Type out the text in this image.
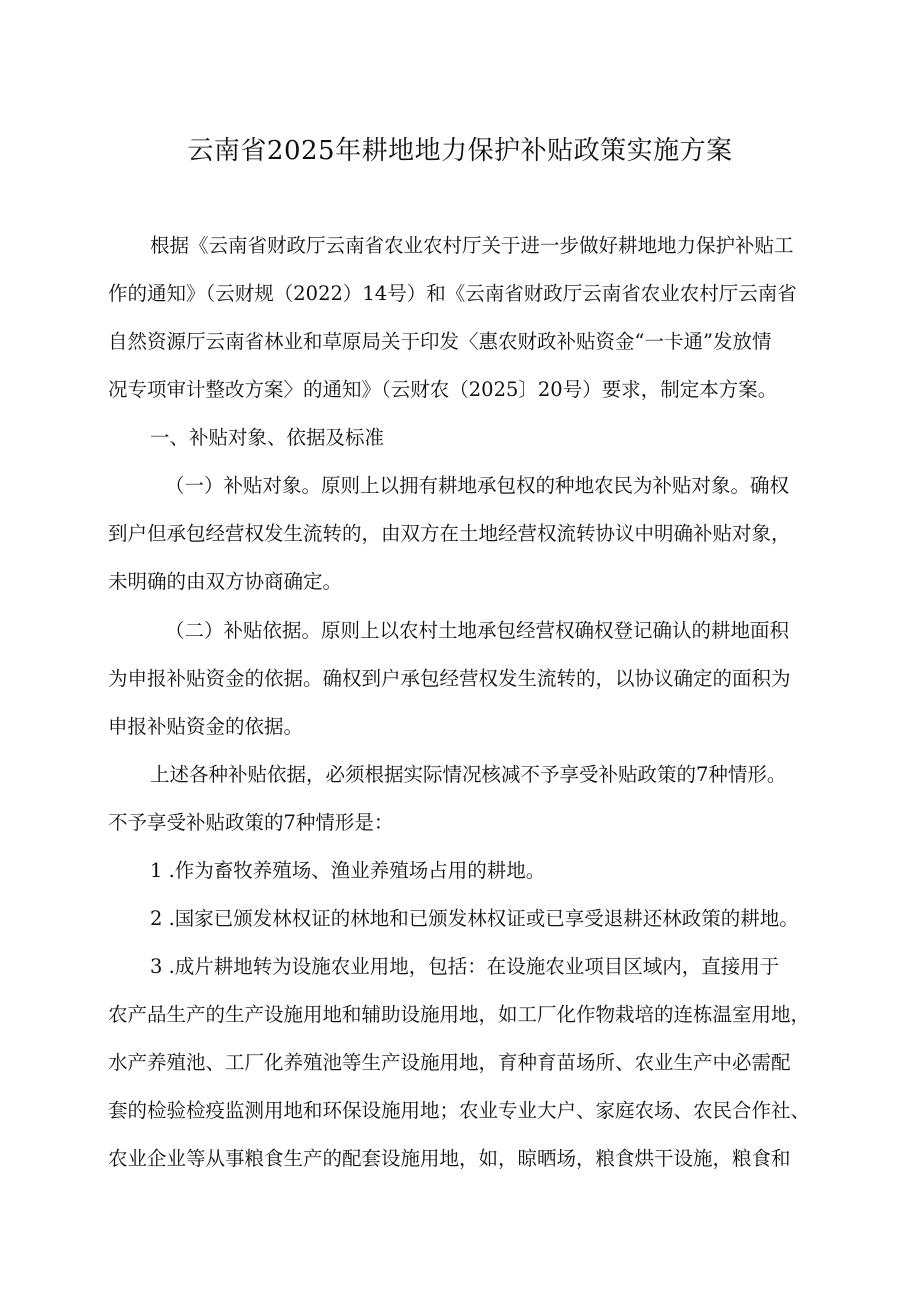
云南省2025年耕地地力保护补贴政策实施方案
根据《云南省财政厅云南省农业农村厅关于进一步做好耕地地力保护补贴工
作的通知》（云财规（2022）14号）和《云南省财政厅云南省农业农村厅云南省
自然资源厅云南省林业和草原局关于印发〈惠农财政补贴资金“一卡通”发放情
况专项审计整改方案〉的通知》（云财农（2025〕20号）要求，制定本方案。
一、补贴对象、依据及标准
（一）补贴对象。原则上以拥有耕地承包权的种地农民为补贴对象。确权
到户但承包经营权发生流转的，由双方在土地经营权流转协议中明确补贴对象，
未明确的由双方协商确定。
（二）补贴依据。原则上以农村土地承包经营权确权登记确认的耕地面积
为申报补贴资金的依据。确权到户承包经营权发生流转的，以协议确定的面积为
申报补贴资金的依据。
上述各种补贴依据，必须根据实际情况核减不予享受补贴政策的7种情形。
不予享受补贴政策的7种情形是：
1 .作为畜牧养殖场、渔业养殖场占用的耕地。
2 .国家已颁发林权证的林地和已颁发林权证或已享受退耕还林政策的耕地。
3 .成片耕地转为设施农业用地，包括：在设施农业项目区域内，直接用于
农产品生产的生产设施用地和辅助设施用地，如工厂化作物栽培的连栋温室用地，
水产养殖池、工厂化养殖池等生产设施用地，育种育苗场所、农业生产中必需配
套的检验检疫监测用地和环保设施用地；农业专业大户、家庭农场、农民合作社、
农业企业等从事粮食生产的配套设施用地，如，晾晒场，粮食烘干设施，粮食和
